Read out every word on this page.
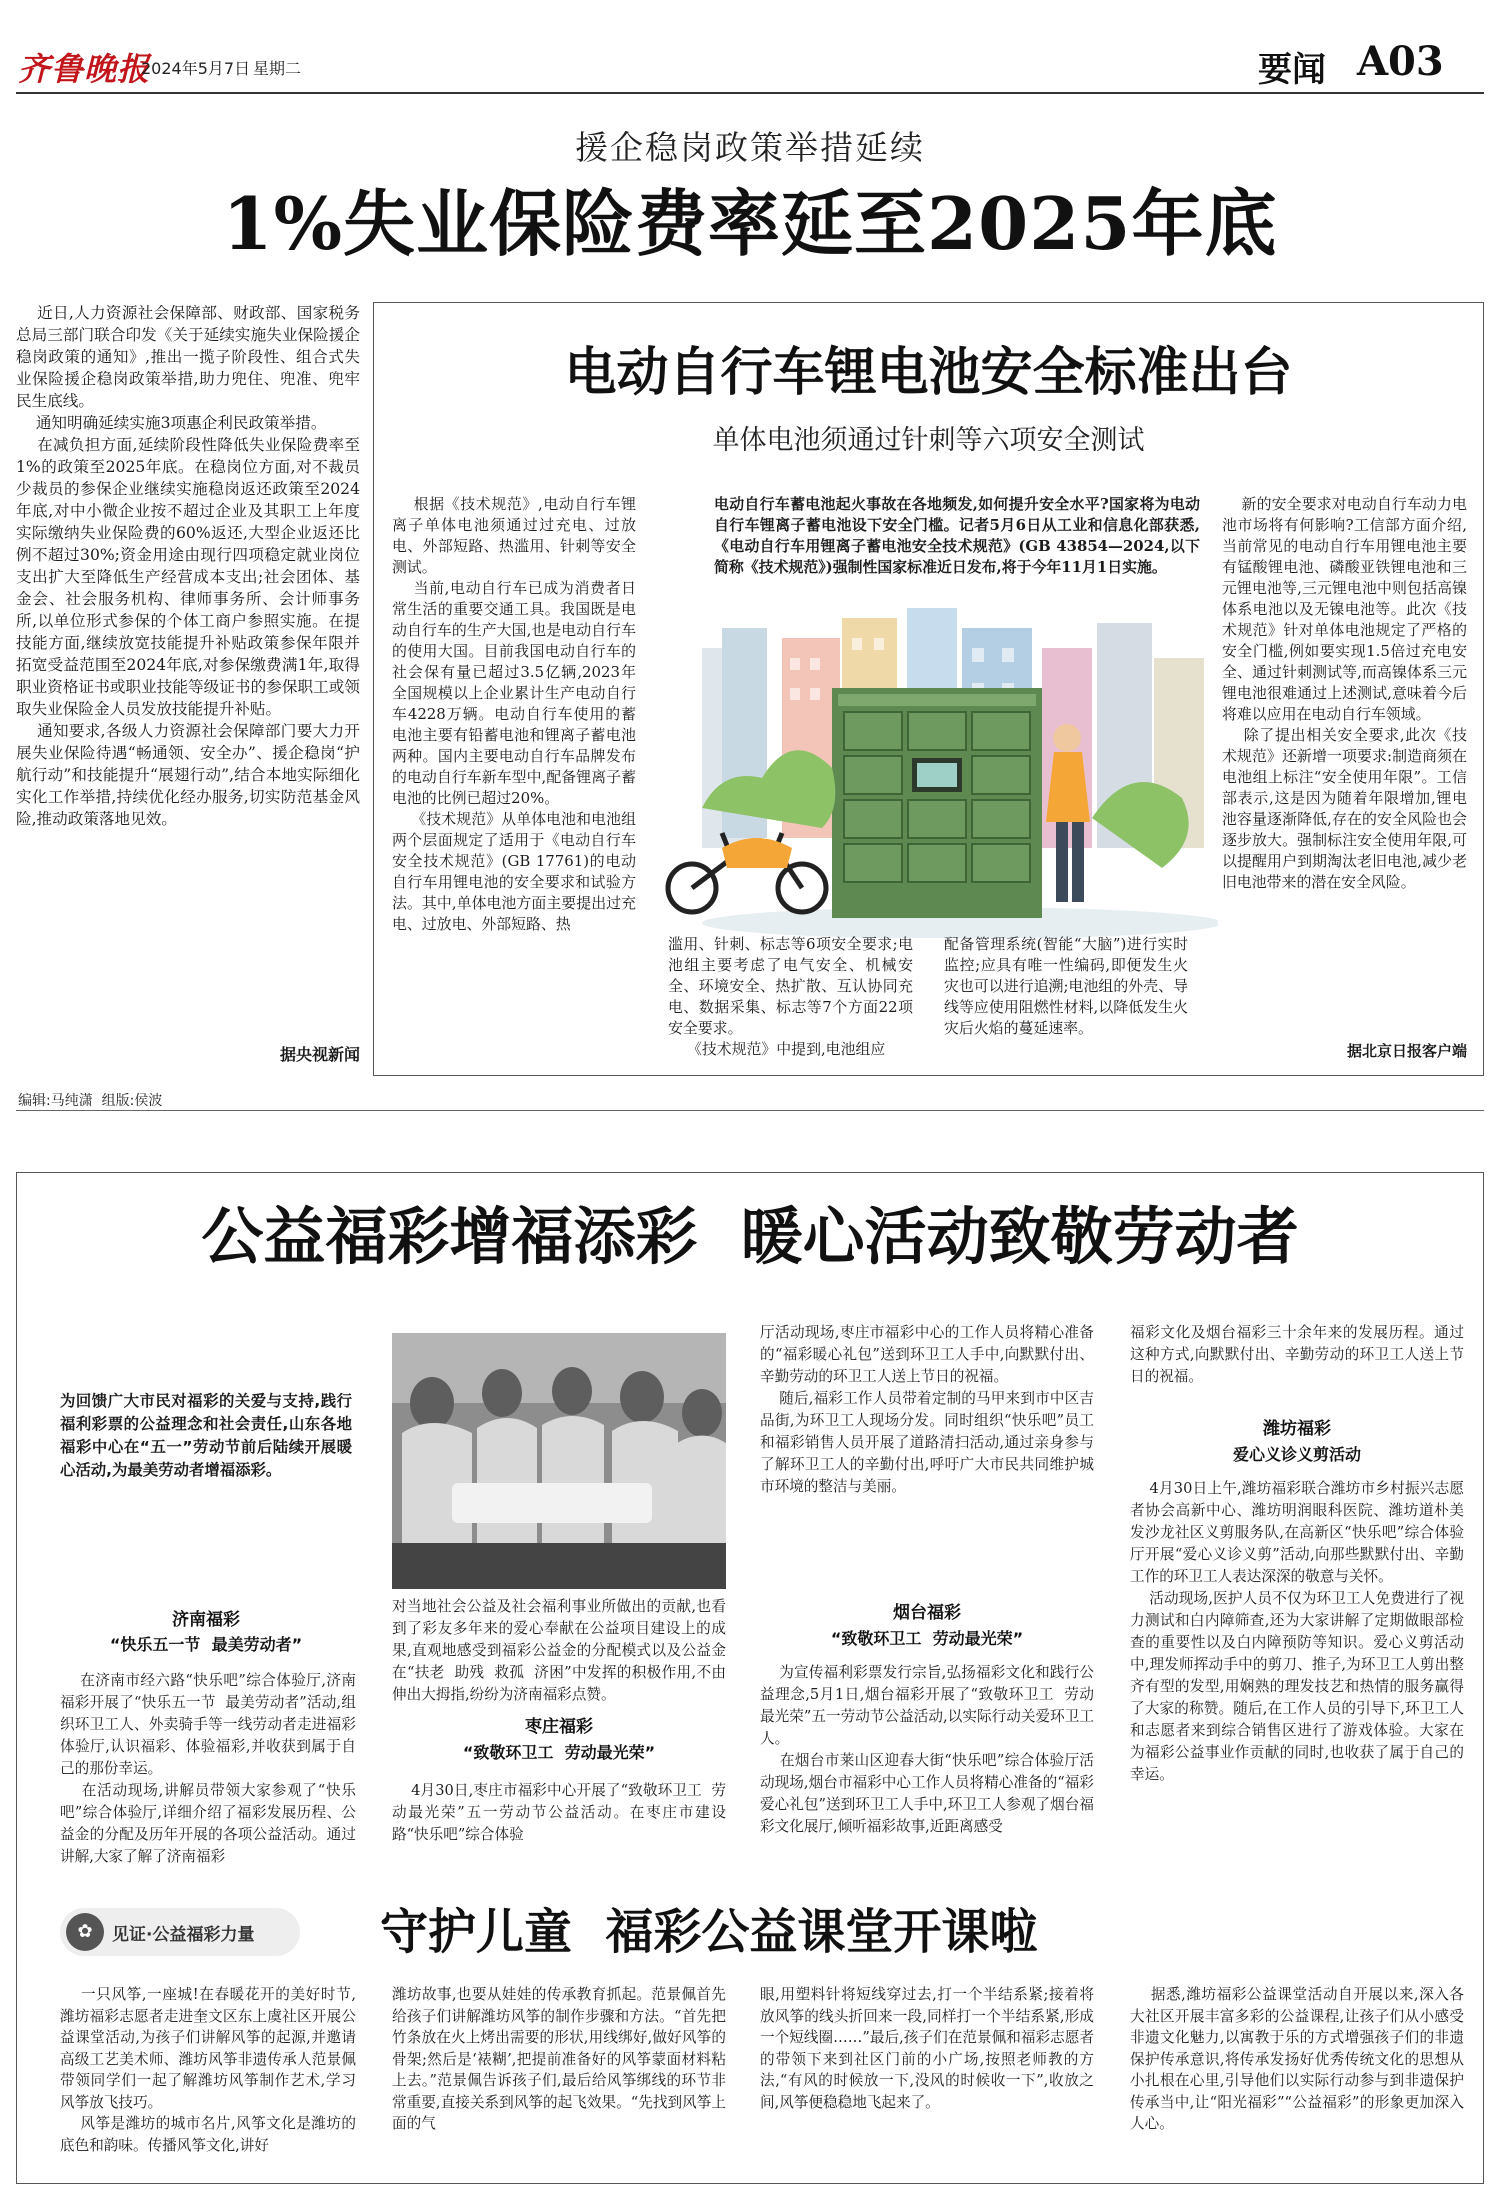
齐鲁晚报
2024年5月7日 星期二	要闻 A03
援企稳岗政策举措延续
1%失业保险费率延至2025年底
近日,人力资源社会保障部、财政部、国家税务总局三部门联合印发《关于延续实施失业保险援企稳岗政策的通知》,推出一揽子阶段性、组合式失业保险援企稳岗政策举措,助力兜住、兜准、兜牢民生底线。
通知明确延续实施3项惠企利民政策举措。
在减负担方面,延续阶段性降低失业保险费率至1%的政策至2025年底。在稳岗位方面,对不裁员少裁员的参保企业继续实施稳岗返还政策至2024年底,对中小微企业按不超过企业及其职工上年度实际缴纳失业保险费的60%返还,大型企业返还比例不超过30%;资金用途由现行四项稳定就业岗位支出扩大至降低生产经营成本支出;社会团体、基金会、社会服务机构、律师事务所、会计师事务所,以单位形式参保的个体工商户参照实施。在提技能方面,继续放宽技能提升补贴政策参保年限并拓宽受益范围至2024年底,对参保缴费满1年,取得职业资格证书或职业技能等级证书的参保职工或领取失业保险金人员发放技能提升补贴。
通知要求,各级人力资源社会保障部门要大力开展失业保险待遇“畅通领、安全办”、援企稳岗“护航行动”和技能提升“展翅行动”,结合本地实际细化实化工作举措,持续优化经办服务,切实防范基金风险,推动政策落地见效。
据央视新闻
电动自行车锂电池安全标准出台
单体电池须通过针刺等六项安全测试
根据《技术规范》,电动自行车锂离子单体电池须通过过充电、过放电、外部短路、热滥用、针刺等安全测试。
当前,电动自行车已成为消费者日常生活的重要交通工具。我国既是电动自行车的生产大国,也是电动自行车的使用大国。目前我国电动自行车的社会保有量已超过3.5亿辆,2023年全国规模以上企业累计生产电动自行车4228万辆。电动自行车使用的蓄电池主要有铅蓄电池和锂离子蓄电池两种。国内主要电动自行车品牌发布的电动自行车新车型中,配备锂离子蓄电池的比例已超过20%。
《技术规范》从单体电池和电池组两个层面规定了适用于《电动自行车安全技术规范》(GB 17761)的电动自行车用锂电池的安全要求和试验方法。其中,单体电池方面主要提出过充电、过放电、外部短路、热
电动自行车蓄电池起火事故在各地频发,如何提升安全水平?国家将为电动自行车锂离子蓄电池设下安全门槛。记者5月6日从工业和信息化部获悉,《电动自行车用锂离子蓄电池安全技术规范》(GB 43854—2024,以下简称《技术规范》)强制性国家标准近日发布,将于今年11月1日实施。
滥用、针刺、标志等6项安全要求;电池组主要考虑了电气安全、机械安全、环境安全、热扩散、互认协同充电、数据采集、标志等7个方面22项安全要求。
《技术规范》中提到,电池组应
配备管理系统(智能“大脑”)进行实时监控;应具有唯一性编码,即便发生火灾也可以进行追溯;电池组的外壳、导线等应使用阻燃性材料,以降低发生火灾后火焰的蔓延速率。
新的安全要求对电动自行车动力电池市场将有何影响?工信部方面介绍,当前常见的电动自行车用锂电池主要有锰酸锂电池、磷酸亚铁锂电池和三元锂电池等,三元锂电池中则包括高镍体系电池以及无镍电池等。此次《技术规范》针对单体电池规定了严格的安全门槛,例如要实现1.5倍过充电安全、通过针刺测试等,而高镍体系三元锂电池很难通过上述测试,意味着今后将难以应用在电动自行车领域。
除了提出相关安全要求,此次《技术规范》还新增一项要求:制造商须在电池组上标注“安全使用年限”。工信部表示,这是因为随着年限增加,锂电池容量逐渐降低,存在的安全风险也会逐步放大。强制标注安全使用年限,可以提醒用户到期淘汰老旧电池,减少老旧电池带来的潜在安全风险。
据北京日报客户端
编辑:马纯潇  组版:侯波
公益福彩增福添彩  暖心活动致敬劳动者
为回馈广大市民对福彩的关爱与支持,践行福利彩票的公益理念和社会责任,山东各地福彩中心在“五一”劳动节前后陆续开展暖心活动,为最美劳动者增福添彩。
济南福彩
“快乐五一节  最美劳动者”
在济南市经六路“快乐吧”综合体验厅,济南福彩开展了“快乐五一节  最美劳动者”活动,组织环卫工人、外卖骑手等一线劳动者走进福彩体验厅,认识福彩、体验福彩,并收获到属于自己的那份幸运。
在活动现场,讲解员带领大家参观了“快乐吧”综合体验厅,详细介绍了福彩发展历程、公益金的分配及历年开展的各项公益活动。通过讲解,大家了解了济南福彩
对当地社会公益及社会福利事业所做出的贡献,也看到了彩友多年来的爱心奉献在公益项目建设上的成果,直观地感受到福彩公益金的分配模式以及公益金在“扶老  助残  救孤  济困”中发挥的积极作用,不由伸出大拇指,纷纷为济南福彩点赞。
枣庄福彩
“致敬环卫工  劳动最光荣”
4月30日,枣庄市福彩中心开展了“致敬环卫工  劳动最光荣”五一劳动节公益活动。在枣庄市建设路“快乐吧”综合体验
厅活动现场,枣庄市福彩中心的工作人员将精心准备的“福彩暖心礼包”送到环卫工人手中,向默默付出、辛勤劳动的环卫工人送上节日的祝福。
随后,福彩工作人员带着定制的马甲来到市中区吉品街,为环卫工人现场分发。同时组织“快乐吧”员工和福彩销售人员开展了道路清扫活动,通过亲身参与了解环卫工人的辛勤付出,呼吁广大市民共同维护城市环境的整洁与美丽。
烟台福彩
“致敬环卫工  劳动最光荣”
为宣传福利彩票发行宗旨,弘扬福彩文化和践行公益理念,5月1日,烟台福彩开展了“致敬环卫工  劳动最光荣”五一劳动节公益活动,以实际行动关爱环卫工人。
在烟台市莱山区迎春大街“快乐吧”综合体验厅活动现场,烟台市福彩中心工作人员将精心准备的“福彩爱心礼包”送到环卫工人手中,环卫工人参观了烟台福彩文化展厅,倾听福彩故事,近距离感受
福彩文化及烟台福彩三十余年来的发展历程。通过这种方式,向默默付出、辛勤劳动的环卫工人送上节日的祝福。
潍坊福彩
爱心义诊义剪活动
4月30日上午,潍坊福彩联合潍坊市乡村振兴志愿者协会高新中心、潍坊明润眼科医院、潍坊道朴美发沙龙社区义剪服务队,在高新区“快乐吧”综合体验厅开展“爱心义诊义剪”活动,向那些默默付出、辛勤工作的环卫工人表达深深的敬意与关怀。
活动现场,医护人员不仅为环卫工人免费进行了视力测试和白内障筛查,还为大家讲解了定期做眼部检查的重要性以及白内障预防等知识。爱心义剪活动中,理发师挥动手中的剪刀、推子,为环卫工人剪出整齐有型的发型,用娴熟的理发技艺和热情的服务赢得了大家的称赞。随后,在工作人员的引导下,环卫工人和志愿者来到综合销售区进行了游戏体验。大家在为福彩公益事业作贡献的同时,也收获了属于自己的幸运。
✿	见证·公益福彩力量	守护儿童  福彩公益课堂开课啦
一只风筝,一座城!在春暖花开的美好时节,潍坊福彩志愿者走进奎文区东上虞社区开展公益课堂活动,为孩子们讲解风筝的起源,并邀请高级工艺美术师、潍坊风筝非遗传承人范景佩带领同学们一起了解潍坊风筝制作艺术,学习风筝放飞技巧。
风筝是潍坊的城市名片,风筝文化是潍坊的底色和韵味。传播风筝文化,讲好
潍坊故事,也要从娃娃的传承教育抓起。范景佩首先给孩子们讲解潍坊风筝的制作步骤和方法。“首先把竹条放在火上烤出需要的形状,用线绑好,做好风筝的骨架;然后是‘裱糊’,把提前准备好的风筝蒙面材料粘上去。”范景佩告诉孩子们,最后给风筝绑线的环节非常重要,直接关系到风筝的起飞效果。“先找到风筝上面的气
眼,用塑料针将短线穿过去,打一个半结系紧;接着将放风筝的线头折回来一段,同样打一个半结系紧,形成一个短线圈……”最后,孩子们在范景佩和福彩志愿者的带领下来到社区门前的小广场,按照老师教的方法,“有风的时候放一下,没风的时候收一下”,收放之间,风筝便稳稳地飞起来了。
据悉,潍坊福彩公益课堂活动自开展以来,深入各大社区开展丰富多彩的公益课程,让孩子们从小感受非遗文化魅力,以寓教于乐的方式增强孩子们的非遗保护传承意识,将传承发扬好优秀传统文化的思想从小扎根在心里,引导他们以实际行动参与到非遗保护传承当中,让“阳光福彩”“公益福彩”的形象更加深入人心。
